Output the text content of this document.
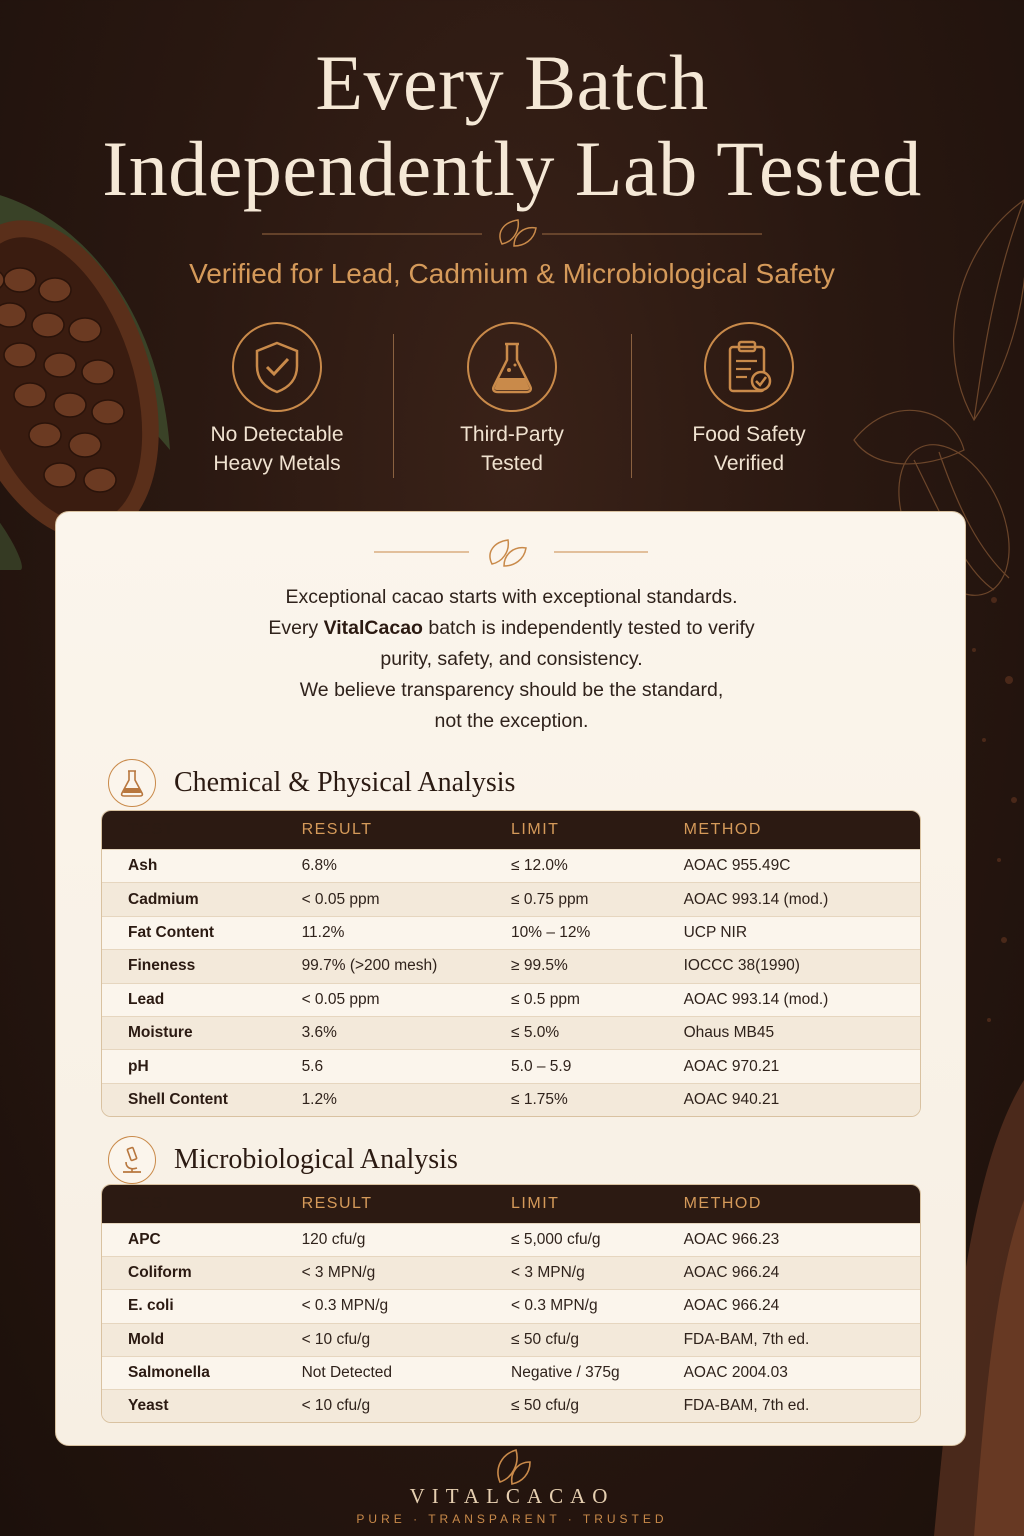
Every Batch
Independently Lab Tested
Verified for Lead, Cadmium & Microbiological Safety
No Detectable
Heavy Metals
Third-Party
Tested
Food Safety
Verified
Exceptional cacao starts with exceptional standards.
Every VitalCacao batch is independently tested to verify
purity, safety, and consistency.
We believe transparency should be the standard,
not the exception.
Chemical & Physical Analysis
TEST	RESULT	LIMIT	METHOD
Ash	6.8%	≤ 12.0%	AOAC 955.49C
Cadmium	< 0.05 ppm	≤ 0.75 ppm	AOAC 993.14 (mod.)
Fat Content	11.2%	10% – 12%	UCP NIR
Fineness	99.7% (>200 mesh)	≥ 99.5%	IOCCC 38(1990)
Lead	< 0.05 ppm	≤ 0.5 ppm	AOAC 993.14 (mod.)
Moisture	3.6%	≤ 5.0%	Ohaus MB45
pH	5.6	5.0 – 5.9	AOAC 970.21
Shell Content	1.2%	≤ 1.75%	AOAC 940.21
Microbiological Analysis
TEST	RESULT	LIMIT	METHOD
APC	120 cfu/g	≤ 5,000 cfu/g	AOAC 966.23
Coliform	< 3 MPN/g	< 3 MPN/g	AOAC 966.24
E. coli	< 0.3 MPN/g	< 0.3 MPN/g	AOAC 966.24
Mold	< 10 cfu/g	≤ 50 cfu/g	FDA-BAM, 7th ed.
Salmonella	Not Detected	Negative / 375g	AOAC 2004.03
Yeast	< 10 cfu/g	≤ 50 cfu/g	FDA-BAM, 7th ed.
VITALCACAO
PURE · TRANSPARENT · TRUSTED
